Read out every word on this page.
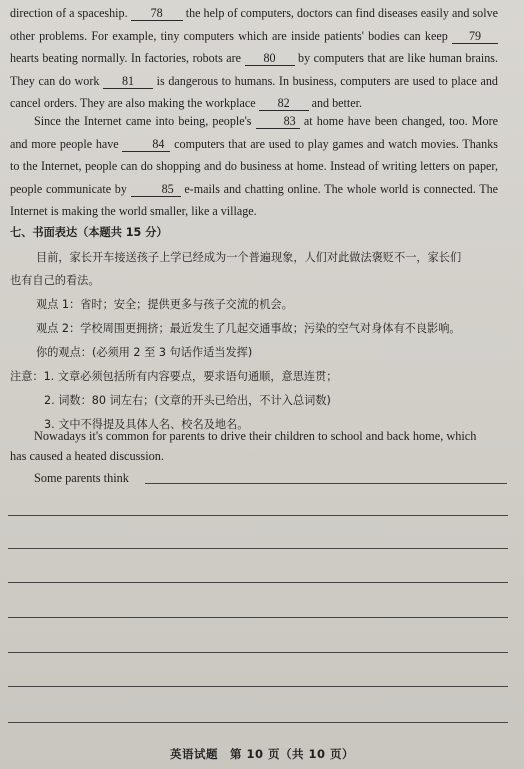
direction of a spaceship. 78 the help of computers, doctors can find diseases easily and solve other problems. For example, tiny computers which are inside patients' bodies can keep 79 hearts beating normally. In factories, robots are 80 by computers that are like human brains. They can do work 81 is dangerous to humans. In business, computers are used to place and cancel orders. They are also making the workplace 82 and better.
Since the Internet came into being, people's 83 at home have been changed, too. More and more people have 84 computers that are used to play games and watch movies. Thanks to the Internet, people can do shopping and do business at home. Instead of writing letters on paper, people communicate by	85 e-mails and chatting online. The whole world is connected. The Internet is making the world smaller, like a village.
七、书面表达（本题共 15 分）
目前，家长开车接送孩子上学已经成为一个普遍现象，人们对此做法褒贬不一，家长们
也有自己的看法。
观点 1：省时；安全；提供更多与孩子交流的机会。
观点 2：学校周围更拥挤；最近发生了几起交通事故；污染的空气对身体有不良影响。
你的观点：(必须用 2 至 3 句话作适当发挥)
注意：1. 文章必须包括所有内容要点，要求语句通顺，意思连贯；
2. 词数：80 词左右；(文章的开头已给出，不计入总词数)
3. 文中不得提及具体人名、校名及地名。
Nowadays it's common for parents to drive their children to school and back home, which
has caused a heated discussion.
Some parents think
英语试题　第 10 页（共 10 页）
